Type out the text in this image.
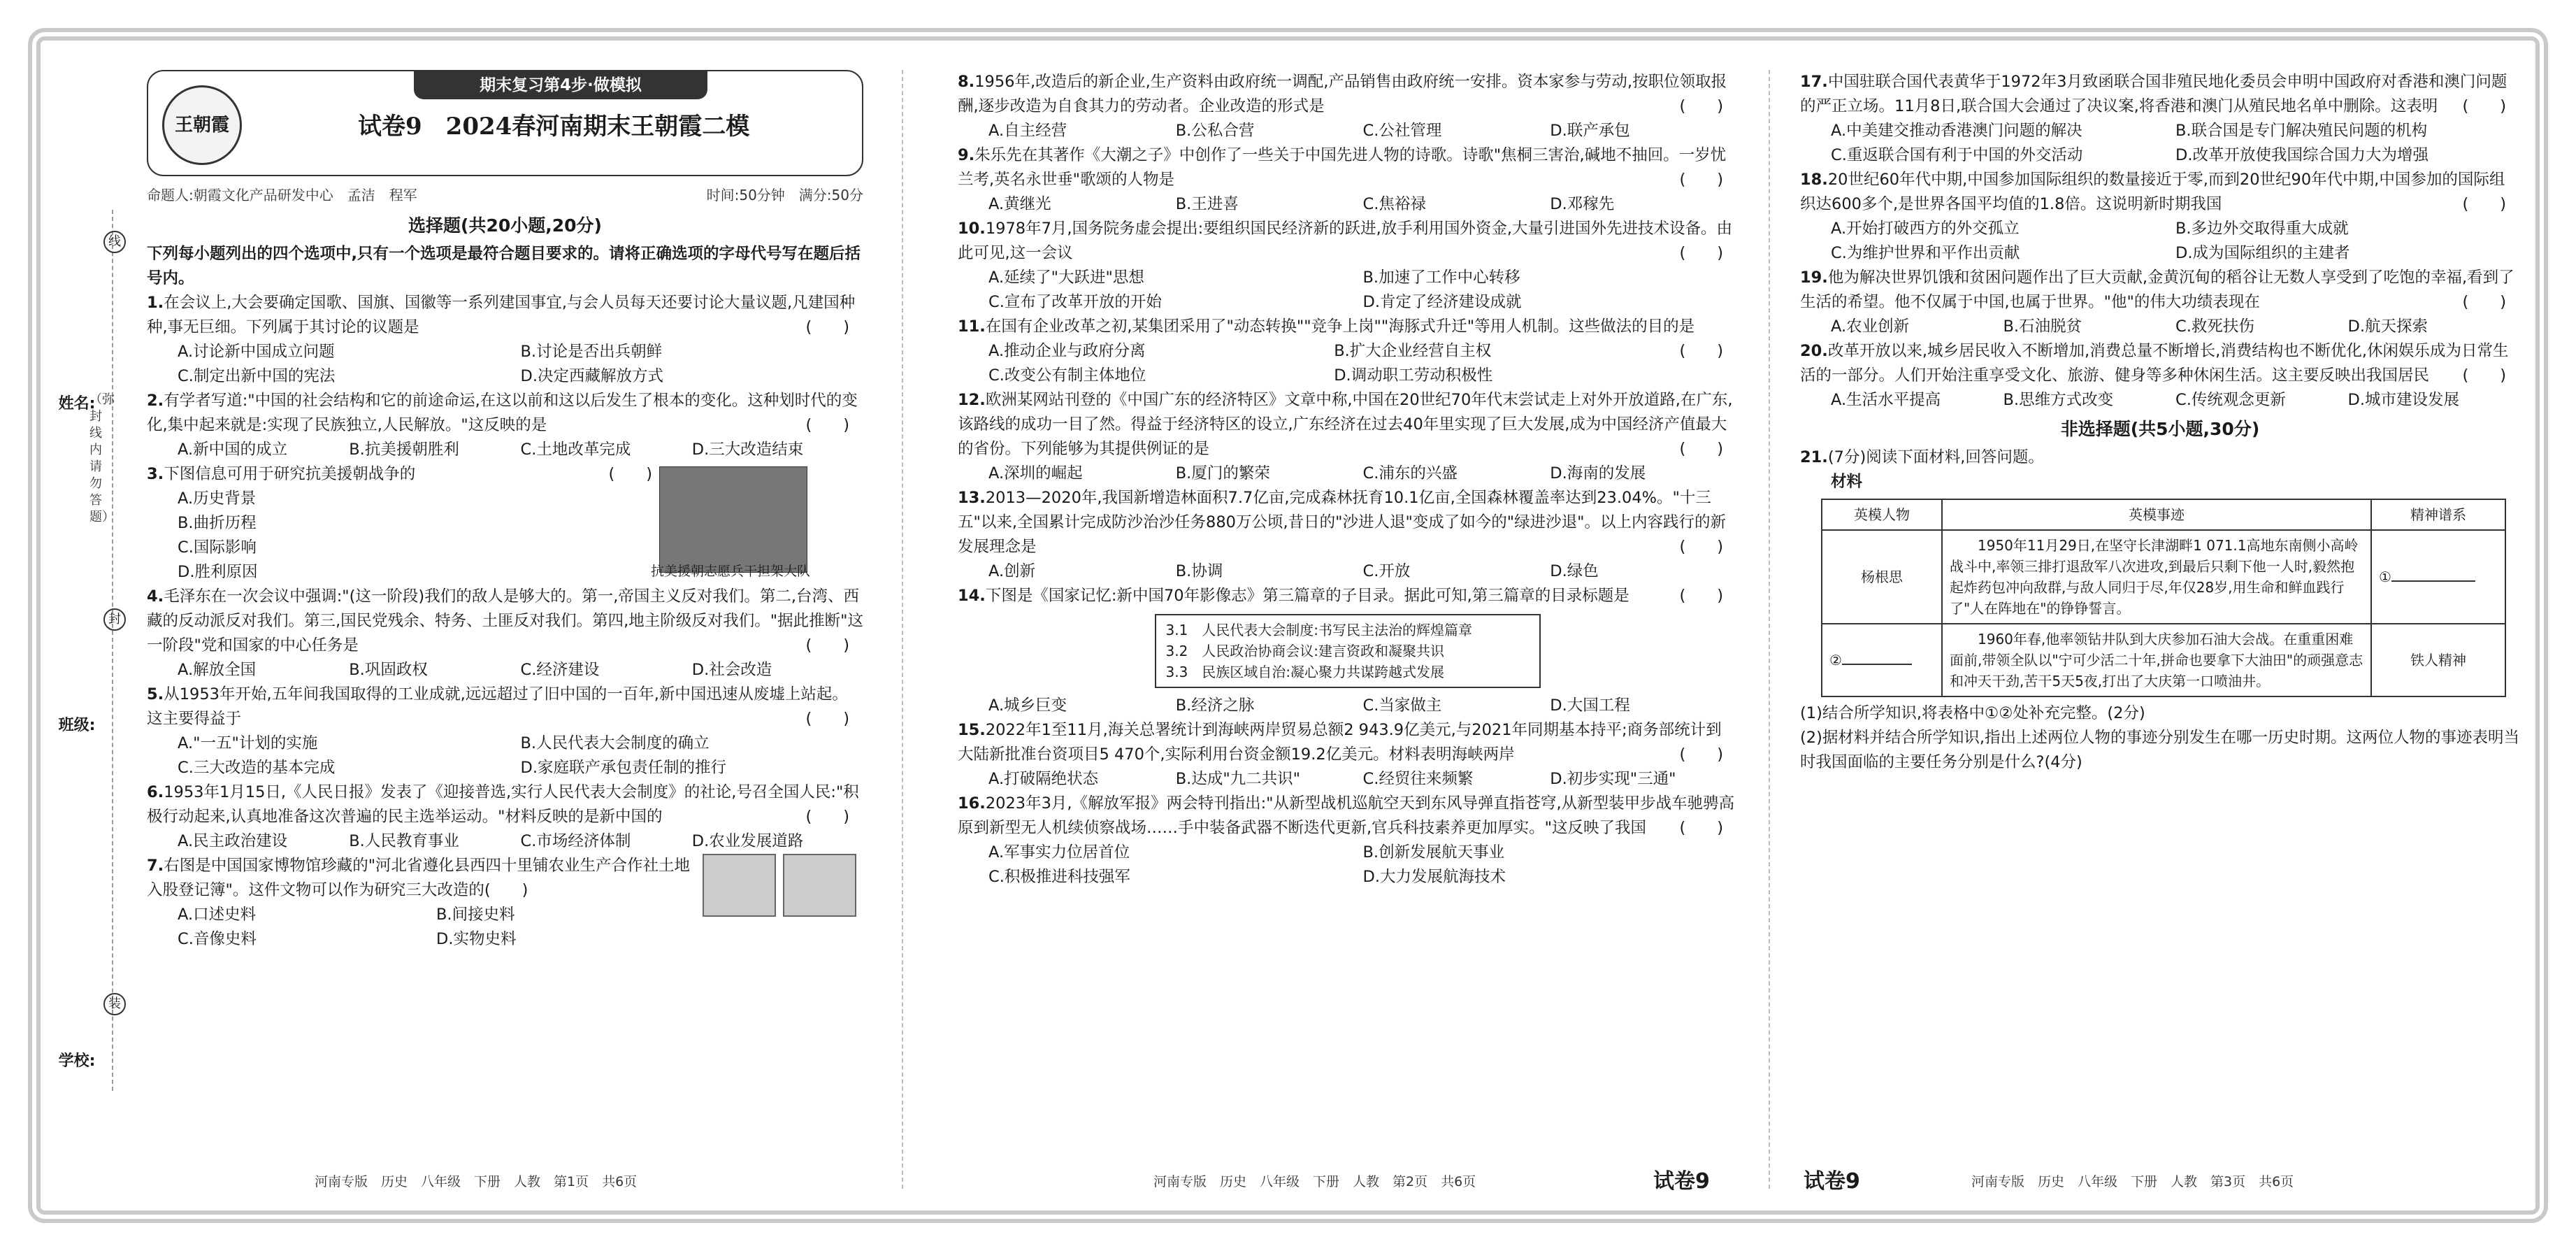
姓名:
班级:
学校:
线
封
装
（弥封线内请勿答题）
期末复习第4步·做模拟
王朝霞	试卷9　2024春河南期末王朝霞二模
命题人:朝霞文化产品研发中心　孟洁　程军	时间:50分钟　满分:50分
选择题(共20小题,20分)

下列每小题列出的四个选项中,只有一个选项是最符合题目要求的。请将正确选项的字母代号写在题后括号内。

1.在会议上,大会要确定国歌、国旗、国徽等一系列建国事宜,与会人员每天还要讨论大量议题,凡建国种种,事无巨细。下列属于其讨论的议题是	(　　)

A.讨论新中国成立问题	B.讨论是否出兵朝鲜
C.制定出新中国的宪法	D.决定西藏解放方式

2.有学者写道:"中国的社会结构和它的前途命运,在这以前和这以后发生了根本的变化。这种划时代的变化,集中起来就是:实现了民族独立,人民解放。"这反映的是	(　　)

A.新中国的成立	B.抗美援朝胜利	C.土地改革完成	D.三大改造结束

3.下图信息可用于研究抗美援朝战争的	(　　)

A.历史背景
B.曲折历程
C.国际影响
D.胜利原因	抗美援朝志愿兵干担架大队

4.毛泽东在一次会议中强调:"(这一阶段)我们的敌人是够大的。第一,帝国主义反对我们。第二,台湾、西藏的反动派反对我们。第三,国民党残余、特务、土匪反对我们。第四,地主阶级反对我们。"据此推断"这一阶段"党和国家的中心任务是	(　　)

A.解放全国	B.巩固政权	C.经济建设	D.社会改造

5.从1953年开始,五年间我国取得的工业成就,远远超过了旧中国的一百年,新中国迅速从废墟上站起。这主要得益于	(　　)

A."一五"计划的实施	B.人民代表大会制度的确立
C.三大改造的基本完成	D.家庭联产承包责任制的推行

6.1953年1月15日,《人民日报》发表了《迎接普选,实行人民代表大会制度》的社论,号召全国人民:"积极行动起来,认真地准备这次普遍的民主选举运动。"材料反映的是新中国的	(　　)

A.民主政治建设	B.人民教育事业	C.市场经济体制	D.农业发展道路

7.右图是中国国家博物馆珍藏的"河北省遵化县西四十里铺农业生产合作社土地入股登记簿"。这件文物可以作为研究三大改造的(　　)

A.口述史料	B.间接史料
C.音像史料	D.实物史料

8.1956年,改造后的新企业,生产资料由政府统一调配,产品销售由政府统一安排。资本家参与劳动,按职位领取报酬,逐步改造为自食其力的劳动者。企业改造的形式是	(　　)

A.自主经营	B.公私合营	C.公社管理	D.联产承包

9.朱乐先在其著作《大潮之子》中创作了一些关于中国先进人物的诗歌。诗歌"焦桐三害治,碱地不抽回。一岁忧兰考,英名永世垂"歌颂的人物是	(　　)

A.黄继光	B.王进喜	C.焦裕禄	D.邓稼先

10.1978年7月,国务院务虚会提出:要组织国民经济新的跃进,放手利用国外资金,大量引进国外先进技术设备。由此可见,这一会议	(　　)

A.延续了"大跃进"思想	B.加速了工作中心转移
C.宣布了改革开放的开始	D.肯定了经济建设成就

11.在国有企业改革之初,某集团采用了"动态转换""竞争上岗""海豚式升迁"等用人机制。这些做法的目的是
(　　)

A.推动企业与政府分离	B.扩大企业经营自主权
C.改变公有制主体地位	D.调动职工劳动积极性

12.欧洲某网站刊登的《中国广东的经济特区》文章中称,中国在20世纪70年代末尝试走上对外开放道路,在广东,该路线的成功一目了然。得益于经济特区的设立,广东经济在过去40年里实现了巨大发展,成为中国经济产值最大的省份。下列能够为其提供例证的是	(　　)

A.深圳的崛起	B.厦门的繁荣	C.浦东的兴盛	D.海南的发展

13.2013—2020年,我国新增造林面积7.7亿亩,完成森林抚育10.1亿亩,全国森林覆盖率达到23.04%。"十三五"以来,全国累计完成防沙治沙任务880万公顷,昔日的"沙进人退"变成了如今的"绿进沙退"。以上内容践行的新发展理念是	(　　)

A.创新	B.协调	C.开放	D.绿色

14.下图是《国家记忆:新中国70年影像志》第三篇章的子目录。据此可知,第三篇章的目录标题是	(　　)

3.1　人民代表大会制度:书写民主法治的辉煌篇章
3.2　人民政治协商会议:建言资政和凝聚共识
3.3　民族区域自治:凝心聚力共谋跨越式发展
A.城乡巨变	B.经济之脉	C.当家做主	D.大国工程

15.2022年1至11月,海关总署统计到海峡两岸贸易总额2 943.9亿美元,与2021年同期基本持平;商务部统计到大陆新批准台资项目5 470个,实际利用台资金额19.2亿美元。材料表明海峡两岸	(　　)

A.打破隔绝状态	B.达成"九二共识"	C.经贸往来频繁	D.初步实现"三通"

16.2023年3月,《解放军报》两会特刊指出:"从新型战机巡航空天到东风导弹直指苍穹,从新型装甲步战车驰骋高原到新型无人机续侦察战场……手中装备武器不断迭代更新,官兵科技素养更加厚实。"这反映了我国 (　　)

A.军事实力位居首位	B.创新发展航天事业
C.积极推进科技强军	D.大力发展航海技术

17.中国驻联合国代表黄华于1972年3月致函联合国非殖民地化委员会申明中国政府对香港和澳门问题的严正立场。11月8日,联合国大会通过了决议案,将香港和澳门从殖民地名单中删除。这表明 (　　)

A.中美建交推动香港澳门问题的解决	B.联合国是专门解决殖民问题的机构
C.重返联合国有利于中国的外交活动	D.改革开放使我国综合国力大为增强

18.20世纪60年代中期,中国参加国际组织的数量接近于零,而到20世纪90年代中期,中国参加的国际组织达600多个,是世界各国平均值的1.8倍。这说明新时期我国	(　　)

A.开始打破西方的外交孤立	B.多边外交取得重大成就
C.为维护世界和平作出贡献	D.成为国际组织的主建者

19.他为解决世界饥饿和贫困问题作出了巨大贡献,金黄沉甸的稻谷让无数人享受到了吃饱的幸福,看到了生活的希望。他不仅属于中国,也属于世界。"他"的伟大功绩表现在	(　　)

A.农业创新	B.石油脱贫	C.救死扶伤	D.航天探索

20.改革开放以来,城乡居民收入不断增加,消费总量不断增长,消费结构也不断优化,休闲娱乐成为日常生活的一部分。人们开始注重享受文化、旅游、健身等多种休闲生活。这主要反映出我国居民 (　　)

A.生活水平提高	B.思维方式改变	C.传统观念更新	D.城市建设发展
非选择题(共5小题,30分)

21.(7分)阅读下面材料,回答问题。

材料

英模人物	英模事迹	精神谱系
杨根思	1950年11月29日,在坚守长津湖畔1 071.1高地东南侧小高岭战斗中,率领三排打退敌军八次进攻,到最后只剩下他一人时,毅然抱起炸药包冲向敌群,与敌人同归于尽,年仅28岁,用生命和鲜血践行了"人在阵地在"的铮铮誓言。	①
②	1960年春,他率领钻井队到大庆参加石油大会战。在重重困难面前,带领全队以"宁可少活二十年,拼命也要拿下大油田"的顽强意志和冲天干劲,苦干5天5夜,打出了大庆第一口喷油井。	铁人精神

(1)结合所学知识,将表格中①②处补充完整。(2分)

(2)据材料并结合所学知识,指出上述两位人物的事迹分别发生在哪一历史时期。这两位人物的事迹表明当时我国面临的主要任务分别是什么?(4分)

河南专版　历史　八年级　下册　人教　第1页　共6页	河南专版　历史　八年级　下册　人教　第2页　共6页	试卷9	试卷9	河南专版　历史　八年级　下册　人教　第3页　共6页
